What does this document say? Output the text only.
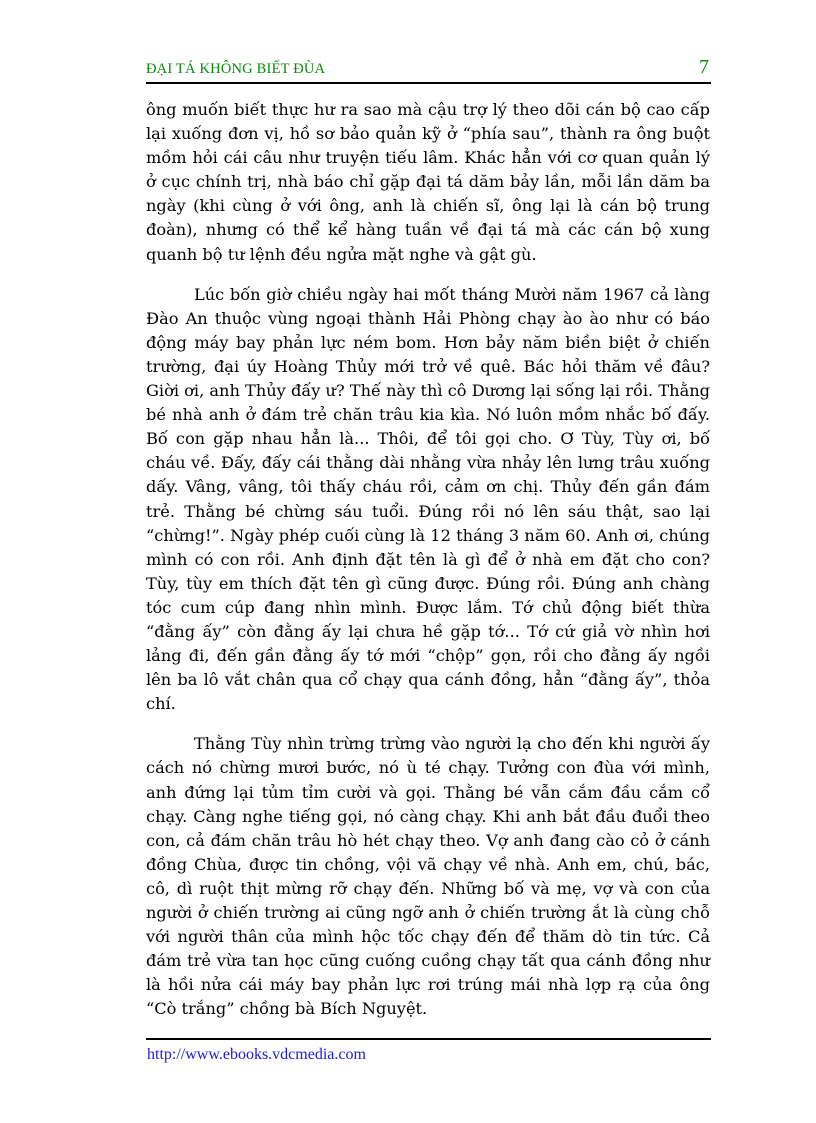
ĐẠI TÁ KHÔNG BIẾT ĐÙA	7

ông muốn biết thực hư ra sao mà cậu trợ lý theo dõi cán bộ cao cấp lại xuống đơn vị, hồ sơ bảo quản kỹ ở “phía sau”, thành ra ông buột mồm hỏi cái câu như truyện tiếu lâm. Khác hẳn với cơ quan quản lý ở cục chính trị, nhà báo chỉ gặp đại tá dăm bảy lần, mỗi lần dăm ba ngày (khi cùng ở với ông, anh là chiến sĩ, ông lại là cán bộ trung đoàn), nhưng có thể kể hàng tuần về đại tá mà các cán bộ xung quanh bộ tư lệnh đều ngửa mặt nghe và gật gù.

Lúc bốn giờ chiều ngày hai mốt tháng Mười năm 1967 cả làng Đào An thuộc vùng ngoại thành Hải Phòng chạy ào ào như có báo động máy bay phản lực ném bom. Hơn bảy năm biền biệt ở chiến trường, đại úy Hoàng Thủy mới trở về quê. Bác hỏi thăm về đâu? Giời ơi, anh Thủy đấy ư? Thế này thì cô Dương lại sống lại rồi. Thằng bé nhà anh ở đám trẻ chăn trâu kia kìa. Nó luôn mồm nhắc bố đấy. Bố con gặp nhau hẳn là... Thôi, để tôi gọi cho. Ơ Tùy, Tùy ơi, bố cháu về. Đấy, đấy cái thằng dài nhằng vừa nhảy lên lưng trâu xuống dấy. Vâng, vâng, tôi thấy cháu rồi, cảm ơn chị. Thủy đến gần đám trẻ. Thằng bé chừng sáu tuổi. Đúng rồi nó lên sáu thật, sao lại “chừng!”. Ngày phép cuối cùng là 12 tháng 3 năm 60. Anh ơi, chúng mình có con rồi. Anh định đặt tên là gì để ở nhà em đặt cho con? Tùy, tùy em thích đặt tên gì cũng được. Đúng rồi. Đúng anh chàng tóc cum cúp đang nhìn mình. Được lắm. Tớ chủ động biết thừa “đằng ấy” còn đằng ấy lại chưa hề gặp tớ... Tớ cứ giả vờ nhìn hơi lảng đi, đến gần đằng ấy tớ mới “chộp” gọn, rồi cho đằng ấy ngồi lên ba lô vắt chân qua cổ chạy qua cánh đồng, hẳn “đằng ấy”, thỏa chí.

Thằng Tùy nhìn trừng trừng vào người lạ cho đến khi người ấy cách nó chừng mươi bước, nó ù té chạy. Tưởng con đùa với mình, anh đứng lại tủm tỉm cười và gọi. Thằng bé vẫn cắm đầu cắm cổ chạy. Càng nghe tiếng gọi, nó càng chạy. Khi anh bắt đầu đuổi theo con, cả đám chăn trâu hò hét chạy theo. Vợ anh đang cào cỏ ở cánh đồng Chùa, được tin chồng, vội vã chạy về nhà. Anh em, chú, bác, cô, dì ruột thịt mừng rỡ chạy đến. Những bố và mẹ, vợ và con của người ở chiến trường ai cũng ngỡ anh ở chiến trường ắt là cùng chỗ với người thân của mình hộc tốc chạy đến để thăm dò tin tức. Cả đám trẻ vừa tan học cũng cuống cuồng chạy tất qua cánh đồng như là hồi nửa cái máy bay phản lực rơi trúng mái nhà lợp rạ của ông “Cò trắng” chồng bà Bích Nguyệt.

http://www.ebooks.vdcmedia.com
